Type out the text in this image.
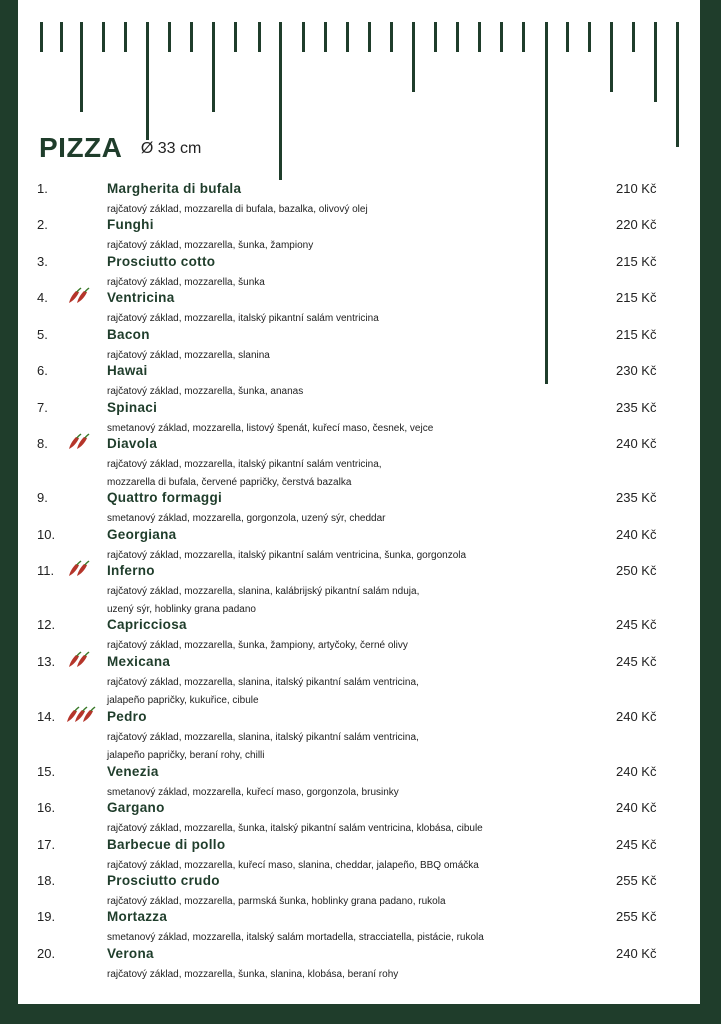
PIZZA Ø 33 cm
1.	Margherita di bufala	210 Kč
rajčatový základ, mozzarella di bufala, bazalka, olivový olej
2.	Funghi	220 Kč
rajčatový základ, mozzarella, šunka, žampiony
3.	Prosciutto cotto	215 Kč
rajčatový základ, mozzarella, šunka
4.	Ventricina	215 Kč
rajčatový základ, mozzarella, italský pikantní salám ventricina
5.	Bacon	215 Kč
rajčatový základ, mozzarella, slanina
6.	Hawai	230 Kč
rajčatový základ, mozzarella, šunka, ananas
7.	Spinaci	235 Kč
smetanový základ, mozzarella, listový špenát, kuřecí maso, česnek, vejce
8.	Diavola	240 Kč
rajčatový základ, mozzarella, italský pikantní salám ventricina,
mozzarella di bufala, červené papričky, čerstvá bazalka
9.	Quattro formaggi	235 Kč
smetanový základ, mozzarella, gorgonzola, uzený sýr, cheddar
10.	Georgiana	240 Kč
rajčatový základ, mozzarella, italský pikantní salám ventricina, šunka, gorgonzola
11.	Inferno	250 Kč
rajčatový základ, mozzarella, slanina, kalábrijský pikantní salám nduja,
uzený sýr, hoblinky grana padano
12.	Capricciosa	245 Kč
rajčatový základ, mozzarella, šunka, žampiony, artyčoky, černé olivy
13.	Mexicana	245 Kč
rajčatový základ, mozzarella, slanina, italský pikantní salám ventricina,
jalapeño papričky, kukuřice, cibule
14.	Pedro	240 Kč
rajčatový základ, mozzarella, slanina, italský pikantní salám ventricina,
jalapeño papričky, beraní rohy, chilli
15.	Venezia	240 Kč
smetanový základ, mozzarella, kuřecí maso, gorgonzola, brusinky
16.	Gargano	240 Kč
rajčatový základ, mozzarella, šunka, italský pikantní salám ventricina, klobása, cibule
17.	Barbecue di pollo	245 Kč
rajčatový základ, mozzarella, kuřecí maso, slanina, cheddar, jalapeño, BBQ omáčka
18.	Prosciutto crudo	255 Kč
rajčatový základ, mozzarella, parmská šunka, hoblinky grana padano, rukola
19.	Mortazza	255 Kč
smetanový základ, mozzarella, italský salám mortadella, stracciatella, pistácie, rukola
20.	Verona	240 Kč
rajčatový základ, mozzarella, šunka, slanina, klobása, beraní rohy
